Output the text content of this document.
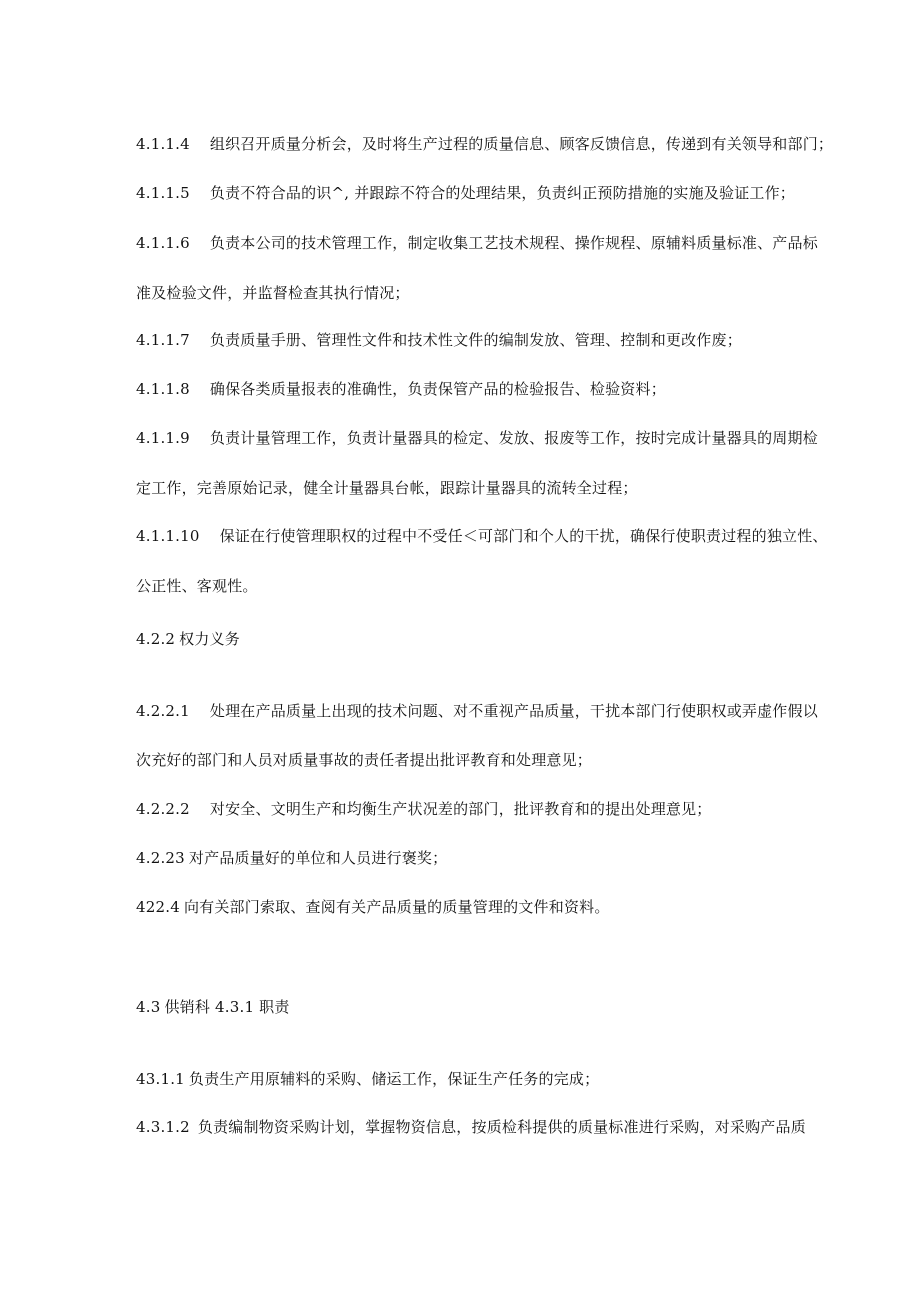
4.1.1.4 组织召开质量分析会，及时将生产过程的质量信息、顾客反馈信息，传递到有关领导和部门；
4.1.1.5 负责不符合品的识^, 并跟踪不符合的处理结果，负责纠正预防措施的实施及验证工作；
4.1.1.6 负责本公司的技术管理工作，制定收集工艺技术规程、操作规程、原辅料质量标准、产品标
准及检验文件，并监督检查其执行情况；
4.1.1.7 负责质量手册、管理性文件和技术性文件的编制发放、管理、控制和更改作废；
4.1.1.8 确保各类质量报表的准确性，负责保管产品的检验报告、检验资料；
4.1.1.9 负责计量管理工作，负责计量器具的检定、发放、报废等工作，按时完成计量器具的周期检
定工作，完善原始记录，健全计量器具台帐，跟踪计量器具的流转全过程；
4.1.1.10 保证在行使管理职权的过程中不受任＜可部门和个人的干扰，确保行使职责过程的独立性、
公正性、客观性。
4.2.2 权力义务
4.2.2.1 处理在产品质量上出现的技术问题、对不重视产品质量，干扰本部门行使职权或弄虚作假以
次充好的部门和人员对质量事故的责任者提出批评教育和处理意见；
4.2.2.2 对安全、文明生产和均衡生产状况差的部门，批评教育和的提出处理意见；
4.2.23 对产品质量好的单位和人员进行褒奖；
422.4 向有关部门索取、查阅有关产品质量的质量管理的文件和资料。
4.3 供销科 4.3.1 职责
43.1.1 负责生产用原辅料的采购、储运工作，保证生产任务的完成；
4.3.1.2 负责编制物资采购计划，掌握物资信息，按质检科提供的质量标准进行采购，对采购产品质
